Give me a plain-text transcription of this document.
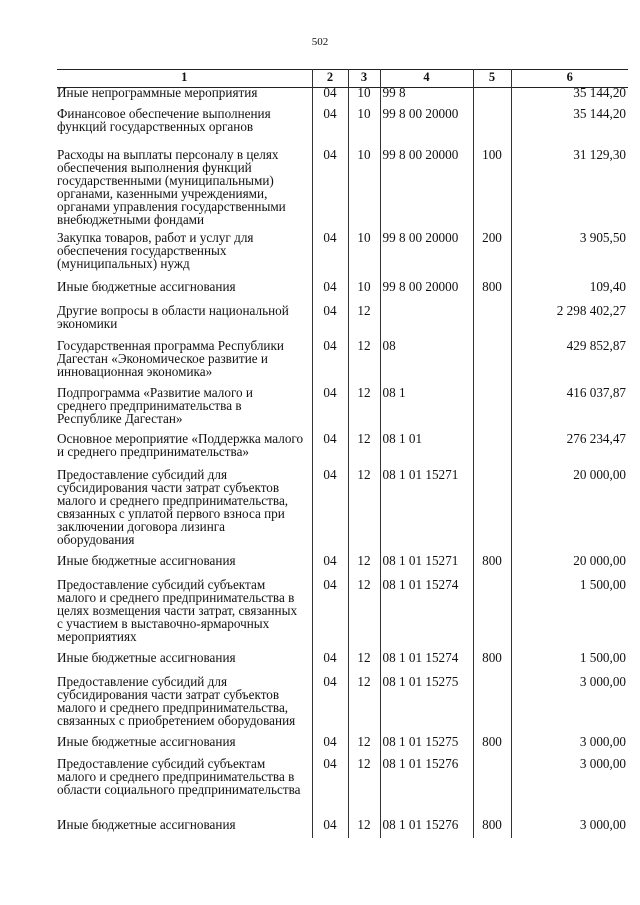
502
1	2	3	4	5	6
Иные непрограммные мероприятия	04	10	99 8		35 144,20
Финансовое обеспечение выполнения функций государственных органов	04	10	99 8 00 20000		35 144,20
Расходы на выплаты персоналу в целях обеспечения выполнения функций государственными (муниципальными) органами, казенными учреждениями, органами управления государственными внебюджетными фондами	04	10	99 8 00 20000	100	31 129,30
Закупка товаров, работ и услуг для обеспечения государственных (муниципальных) нужд	04	10	99 8 00 20000	200	3 905,50
Иные бюджетные ассигнования	04	10	99 8 00 20000	800	109,40
Другие вопросы в области национальной экономики	04	12			2 298 402,27
Государственная программа Республики Дагестан «Экономическое развитие и инновационная экономика»	04	12	08		429 852,87
Подпрограмма «Развитие малого и среднего предпринимательства в Республике Дагестан»	04	12	08 1		416 037,87
Основное мероприятие «Поддержка малого и среднего предпринимательства»	04	12	08 1 01		276 234,47
Предоставление субсидий для субсидирования части затрат субъектов малого и среднего предпринимательства, связанных с уплатой первого взноса при заключении договора лизинга оборудования	04	12	08 1 01 15271		20 000,00
Иные бюджетные ассигнования	04	12	08 1 01 15271	800	20 000,00
Предоставление субсидий субъектам малого и среднего предпринимательства в целях возмещения части затрат, связанных с участием в выставочно-ярмарочных мероприятиях	04	12	08 1 01 15274		1 500,00
Иные бюджетные ассигнования	04	12	08 1 01 15274	800	1 500,00
Предоставление субсидий для субсидирования части затрат субъектов малого и среднего предпринимательства, связанных с приобретением оборудования	04	12	08 1 01 15275		3 000,00
Иные бюджетные ассигнования	04	12	08 1 01 15275	800	3 000,00
Предоставление субсидий субъектам малого и среднего предпринимательства в области социального предпринимательства	04	12	08 1 01 15276		3 000,00
Иные бюджетные ассигнования	04	12	08 1 01 15276	800	3 000,00
